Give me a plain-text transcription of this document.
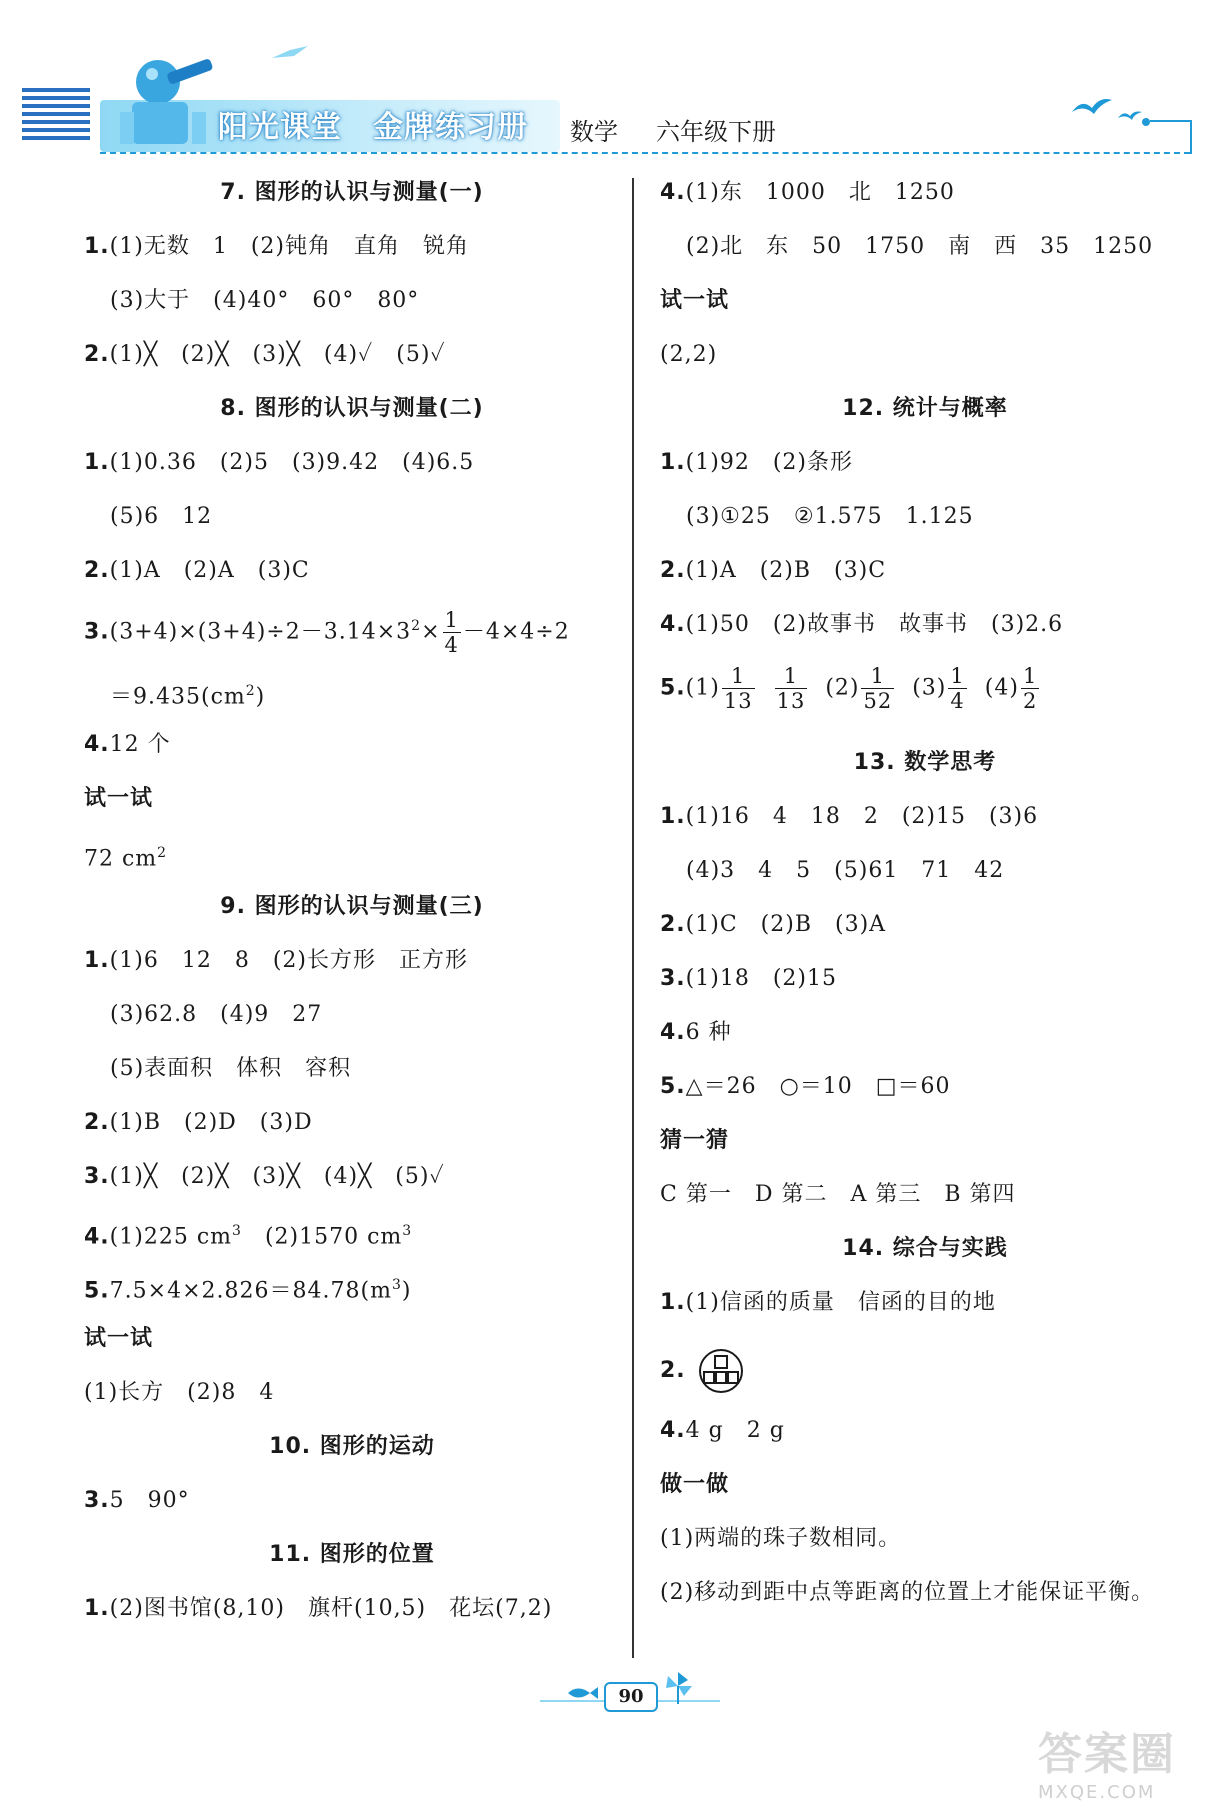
阳光课堂　金牌练习册 数学 六年级下册
7. 图形的认识与测量(一)
1.(1)无数　1　(2)钝角　直角　锐角
(3)大于　(4)40°　60°　80°
2.(1)╳　(2)╳　(3)╳　(4)✓　(5)✓
8. 图形的认识与测量(二)
1.(1)0.36　(2)5　(3)9.42　(4)6.5
(5)6　12
2.(1)A　(2)A　(3)C
$3.(3+4)\times(3+4)\div 2-3.14\times 3^2\times \frac{1}{4} -4\times 4\div 2$
$=9.435(cm^2)$
4.12 个
试一试
72 $cm^2$
9. 图形的认识与测量(三)
1.(1)6　12　8　(2)长方形　正方形
(3)62.8　(4)9　27
(5)表面积　体积　容积
2.(1)B　(2)D　(3)D
3.(1)╳　(2)╳　(3)╳　(4)╳　(5)✓
4.(1)225 $cm^3$　(2)1570 $cm^3$
$5.7.5\times 4\times 2.826=84.78(m^3)$
试一试
(1)长方　(2)8　4
10. 图形的运动
3.5　90°
11. 图形的位置
1.(2)图书馆(8,10)　旗杆(10,5)　花坛(7,2)
4.(1)东　1000　北　1250
(2)北　东　50　1750　南　西　35　1250
试一试
(2,2)
12. 统计与概率
1.(1)92　(2)条形
(3)①25　②1.575　1.125
2.(1)A　(2)B　(3)C
4.(1)50　(2)故事书　故事书　(3)2.6
$5.(1) \frac{1}{13}$
$\frac{1}{13} (2) \frac{1}{52} (3) \frac{1}{4} (4) \frac{1}{2}$
13. 数学思考
1.(1)16　4　18　2　(2)15　(3)6
(4)3　4　5　(5)61　71　42
2.(1)C　(2)B　(3)A
3.(1)18　(2)15
4.6 种
5.△＝26　○＝10　□＝60
猜一猜
C 第一　D 第二　A 第三　B 第四
14. 综合与实践
1.(1)信函的质量　信函的目的地
2.
4.4 g　2 g
做一做
(1)两端的珠子数相同。
(2)移动到距中点等距离的位置上才能保证平衡。
90
答案圈
MXQE.COM
